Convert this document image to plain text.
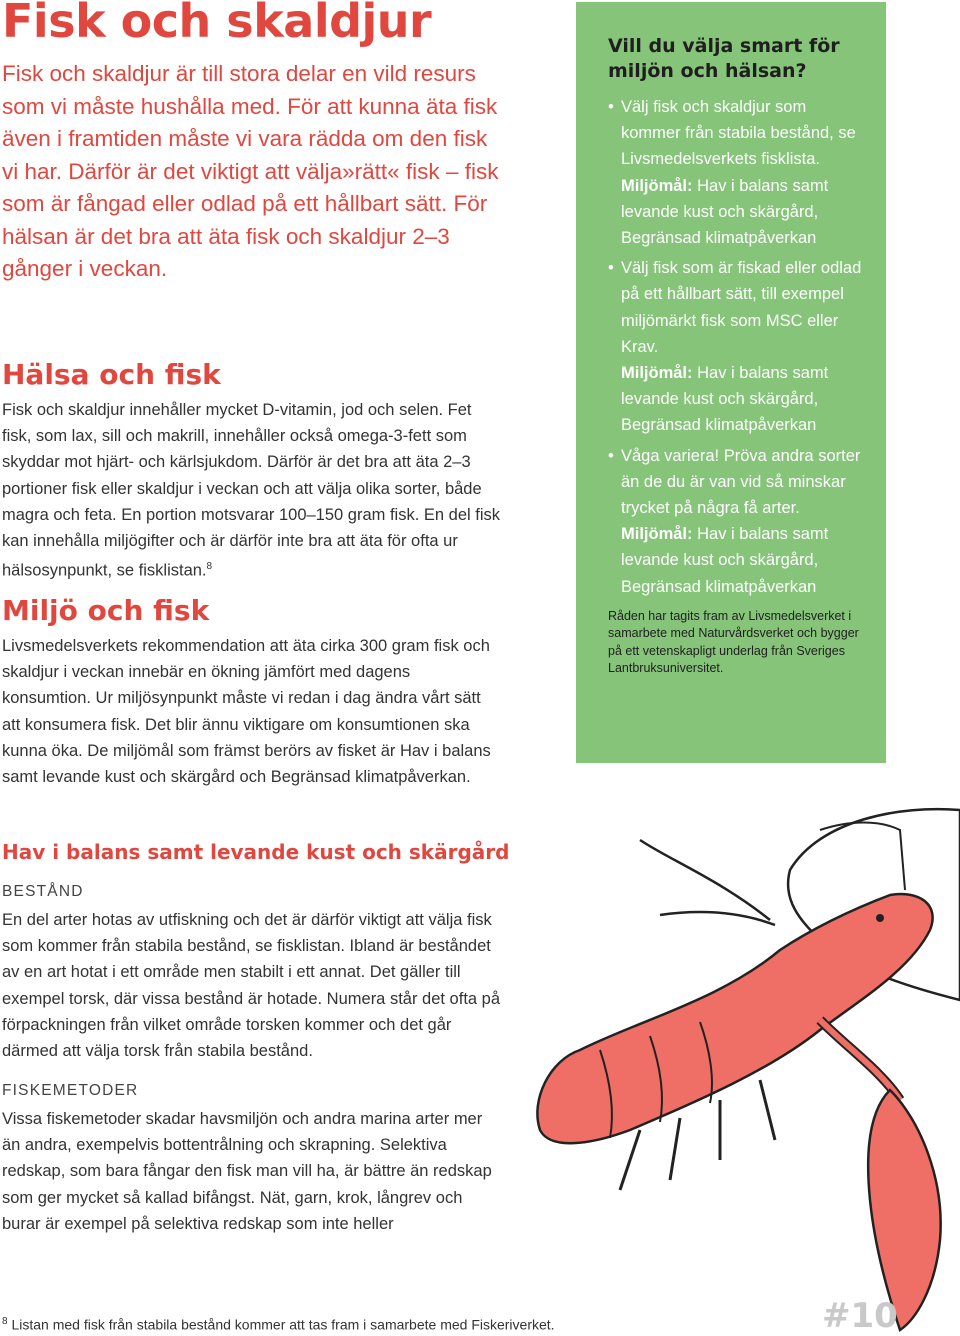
Fisk och skaldjur

Fisk och skaldjur är till stora delar en vild resurs som vi måste hushålla med. För att kunna äta fisk även i framtiden måste vi vara rädda om den fisk vi har. Därför är det viktigt att välja»rätt« fisk – fisk som är fångad eller odlad på ett hållbart sätt. För hälsan är det bra att äta fisk och skaldjur 2–3 gånger i veckan.

Hälsa och fisk

Fisk och skaldjur innehåller mycket D-vitamin, jod och selen. Fet fisk, som lax, sill och makrill, innehåller också omega-3-fett som skyddar mot hjärt- och kärlsjukdom. Därför är det bra att äta 2–3 portioner fisk eller skaldjur i veckan och att välja olika sorter, både magra och feta. En portion motsvarar 100–150 gram fisk. En del fisk kan innehålla miljögifter och är därför inte bra att äta för ofta ur hälsosynpunkt, se fisklistan.$^8$

Miljö och fisk

Livsmedelsverkets rekommendation att äta cirka 300 gram fisk och skaldjur i veckan innebär en ökning jämfört med dagens konsumtion. Ur miljösynpunkt måste vi redan i dag ändra vårt sätt att konsumera fisk. Det blir ännu viktigare om konsumtionen ska kunna öka. De miljömål som främst berörs av fisket är Hav i balans samt levande kust och skärgård och Begränsad klimatpåverkan.

Hav i balans samt levande kust och skärgård

BESTÅND

En del arter hotas av utfiskning och det är därför viktigt att välja fisk som kommer från stabila bestånd, se fisklistan. Ibland är beståndet av en art hotat i ett område men stabilt i ett annat. Det gäller till exempel torsk, där vissa bestånd är hotade. Numera står det ofta på förpackningen från vilket område torsken kommer och det går därmed att välja torsk från stabila bestånd.

FISKEMETODER

Vissa fiskemetoder skadar havsmiljön och andra marina arter mer än andra, exempelvis bottentrålning och skrapning. Selektiva redskap, som bara fångar den fisk man vill ha, är bättre än redskap som ger mycket så kallad bifångst. Nät, garn, krok, långrev och burar är exempel på selektiva redskap som inte heller

Vill du välja smart för miljön och hälsan?
• Välj fisk och skaldjur som kommer från stabila bestånd, se Livsmedelsverkets fisklista.
Miljömål: Hav i balans samt levande kust och skärgård, Begränsad klimatpåverkan
• Välj fisk som är fiskad eller odlad på ett hållbart sätt, till exempel miljömärkt fisk som MSC eller Krav.
Miljömål: Hav i balans samt levande kust och skärgård, Begränsad klimatpåverkan
• Våga variera! Pröva andra sorter än de du är van vid så minskar trycket på några få arter.
Miljömål: Hav i balans samt levande kust och skärgård, Begränsad klimatpåverkan

Råden har tagits fram av Livsmedelsverket i samarbete med Naturvårdsverket och bygger på ett vetenskapligt underlag från Sveriges Lantbruksuniversitet.

$^8$ Listan med fisk från stabila bestånd kommer att tas fram i samarbete med Fiskeriverket.	#10
